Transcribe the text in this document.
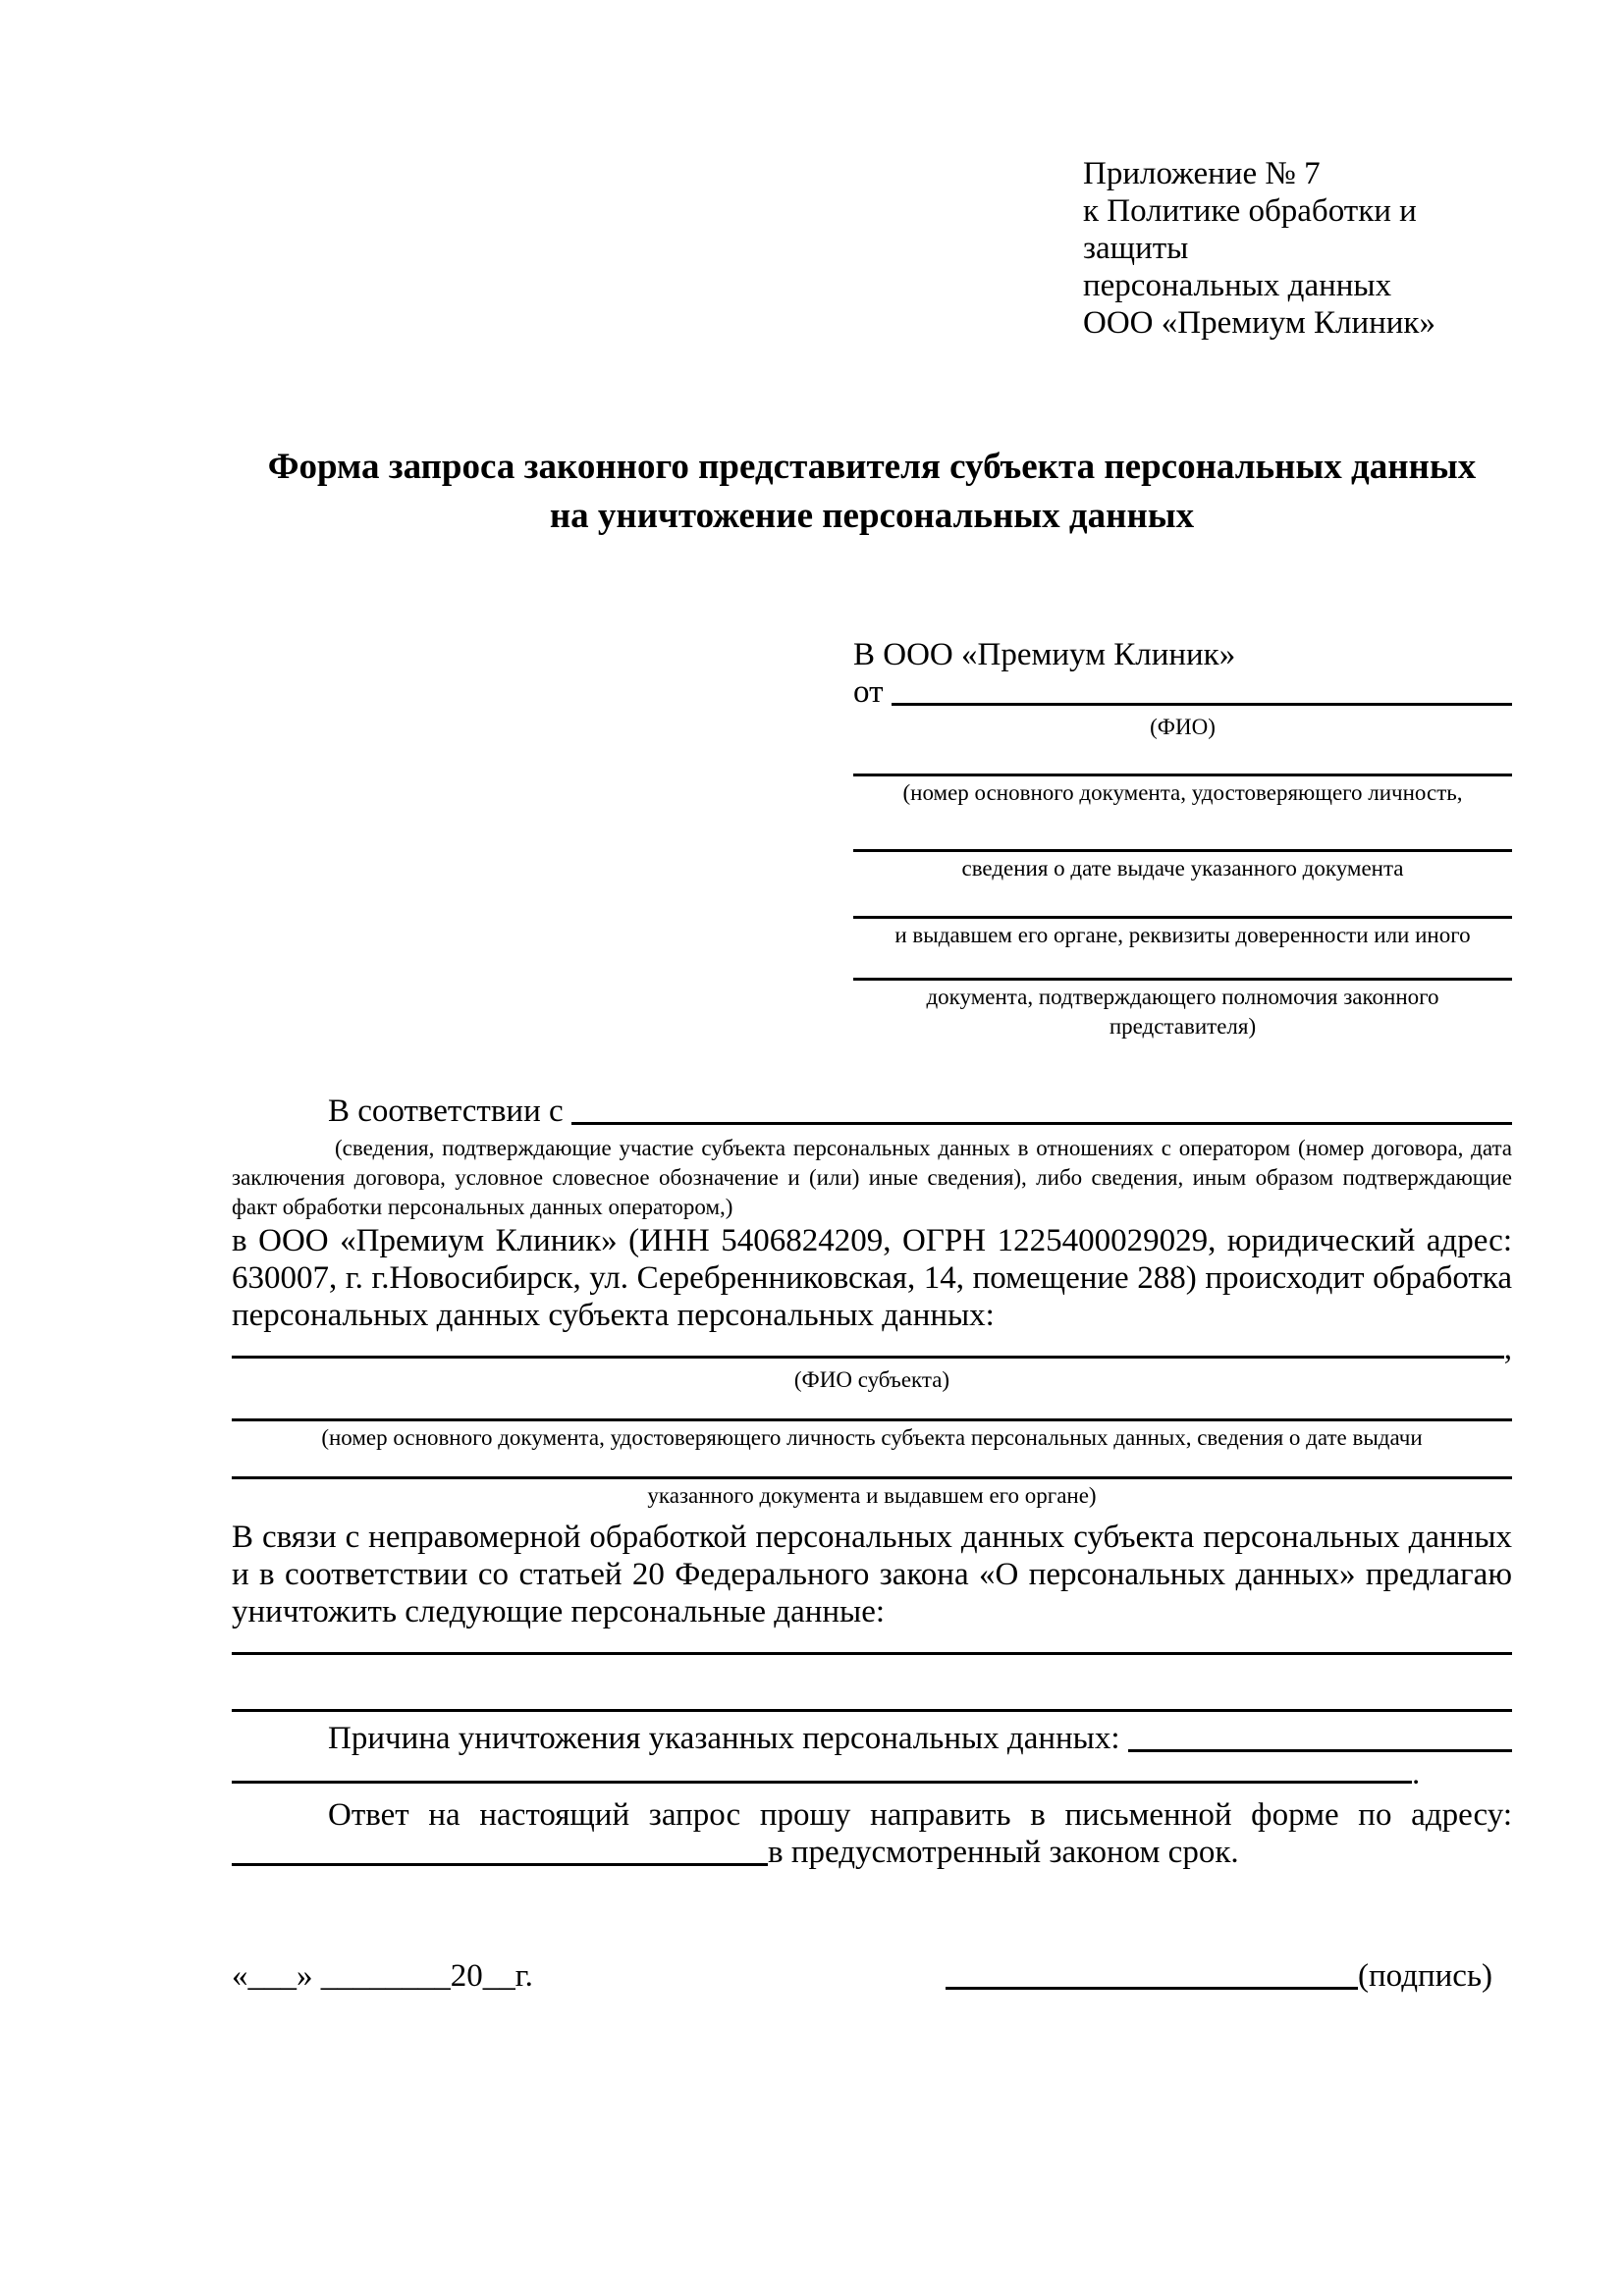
Приложение № 7
к Политике обработки и защиты
персональных данных
ООО «Премиум Клиник»
Форма запроса законного представителя субъекта персональных данных
на уничтожение персональных данных
В ООО «Премиум Клиник»
от
(ФИО)
(номер основного документа, удостоверяющего личность,
сведения о дате выдаче указанного документа
и выдавшем его органе, реквизиты доверенности или иного
документа, подтверждающего полномочия законного представителя)
В соответствии с
(сведения, подтверждающие участие субъекта персональных данных в отношениях с оператором (номер договора, дата заключения договора, условное словесное обозначение и (или) иные сведения), либо сведения, иным образом подтверждающие факт обработки персональных данных оператором,)

в ООО «Премиум Клиник» (ИНН 5406824209, ОГРН 1225400029029, юридический адрес: 630007, г. г.Новосибирск, ул. Серебренниковская, 14, помещение 288) происходит обработка персональных данных субъекта персональных данных:

,
(ФИО субъекта)
(номер основного документа, удостоверяющего личность субъекта персональных данных, сведения о дате выдачи
указанного документа и выдавшем его органе)

В связи с неправомерной обработкой персональных данных субъекта персональных данных и в соответствии со статьей 20 Федерального закона «О персональных данных» предлагаю уничтожить следующие персональные данные:

Причина уничтожения указанных персональных данных:
.

Ответ на настоящий запрос прошу направить в письменной форме по адресу:

в предусмотренный законом срок.
«___» ________20__г.	(подпись)
